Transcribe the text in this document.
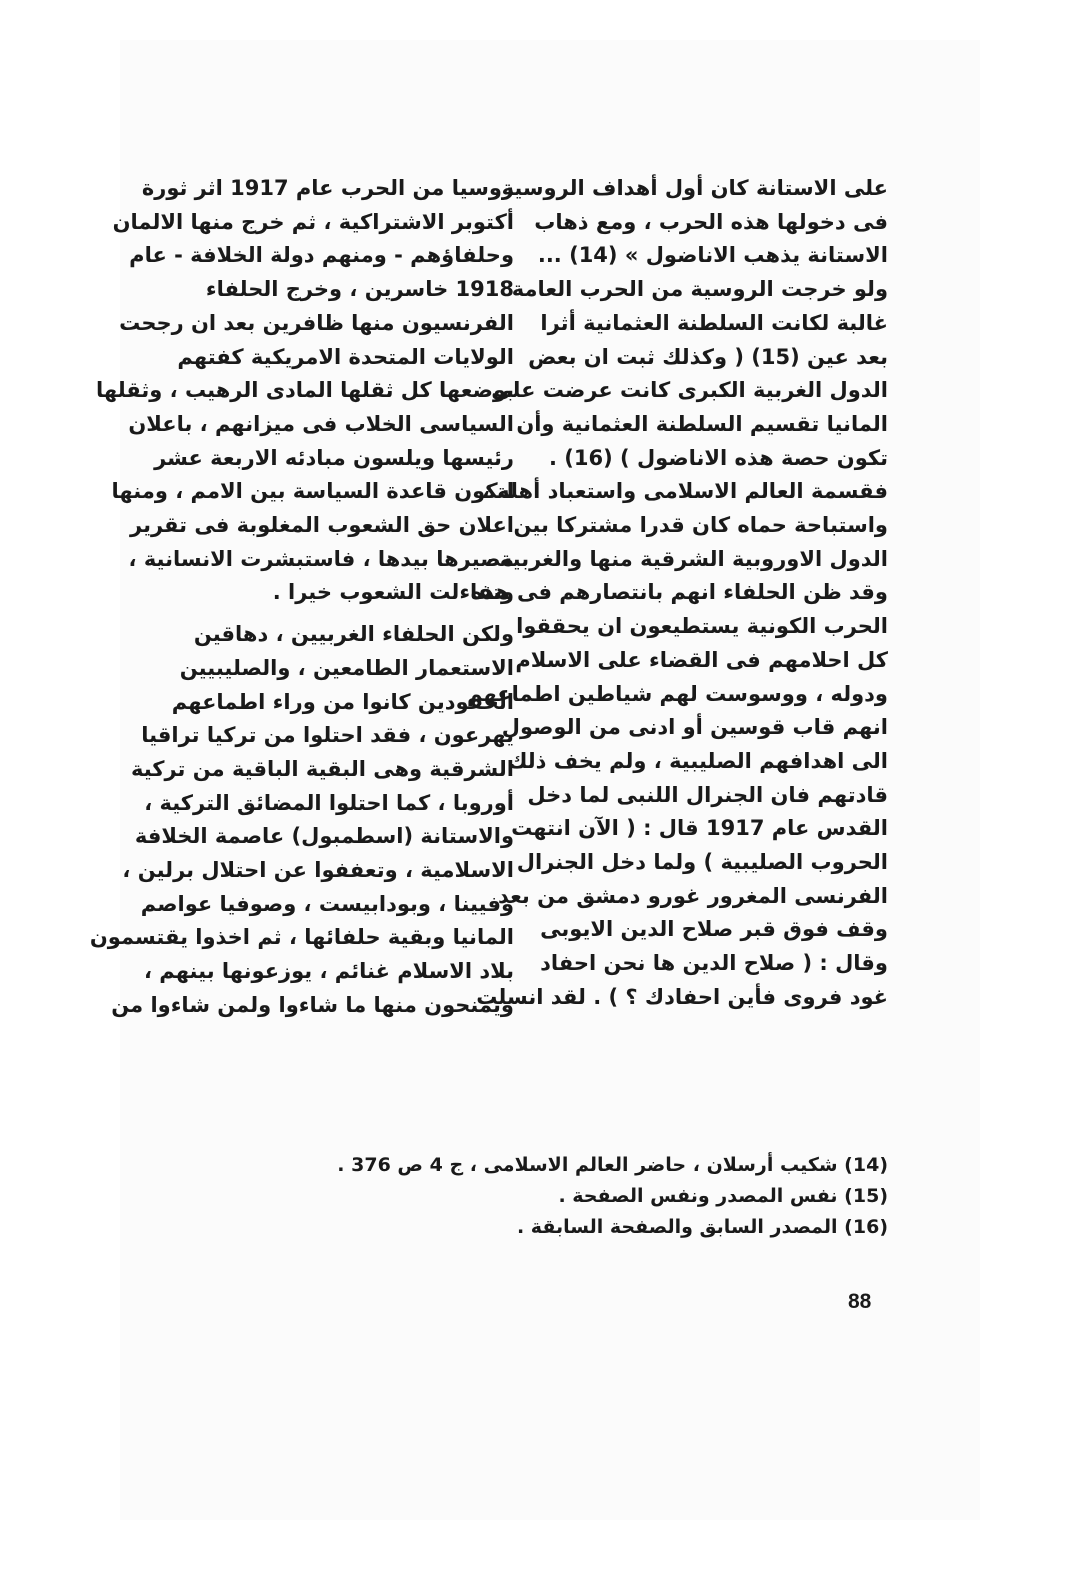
على الاستانة كان أول أهداف الروسية
فى دخولها هذه الحرب ، ومع ذهاب
الاستانة يذهب الاناضول » (14) ...
ولو خرجت الروسية من الحرب العامة
غالبة لكانت السلطنة العثمانية أثرا
بعد عين (15) ( وكذلك ثبت ان بعض
الدول الغربية الكبرى كانت عرضت على
المانيا تقسيم السلطنة العثمانية وأن
تكون حصة هذه الاناضول ) (16) .
فقسمة العالم الاسلامى واستعباد أهله ،
واستباحة حماه كان قدرا مشتركا بين
الدول الاوروبية الشرقية منها والغربية ،
وقد ظن الحلفاء انهم بانتصارهم فى هذه
الحرب الكونية يستطيعون ان يحققوا
كل احلامهم فى القضاء على الاسلام
ودوله ، ووسوست لهم شياطين اطماعهم
انهم قاب قوسين أو ادنى من الوصول
الى اهدافهم الصليبية ، ولم يخف ذلك
قادتهم فان الجنرال اللنبى لما دخل
القدس عام 1917 قال : ( الآن انتهت
الحروب الصليبية ) ولما دخل الجنرال
الفرنسى المغرور غورو دمشق من بعد
وقف فوق قبر صلاح الدين الايوبى
وقال : ( صلاح الدين ها نحن احفاد
غود فروى فأين احفادك ؟ ) . لقد انسلت
روسيا من الحرب عام 1917 اثر ثورة
أكتوبر الاشتراكية ، ثم خرج منها الالمان
وحلفاؤهم - ومنهم دولة الخلافة - عام
1918 خاسرين ، وخرج الحلفاء
الفرنسيون منها ظافرين بعد ان رجحت
الولايات المتحدة الامريكية كفتهم
بوضعها كل ثقلها المادى الرهيب ، وثقلها
السياسى الخلاب فى ميزانهم ، باعلان
رئيسها ويلسون مبادئه الاربعة عشر
لتكون قاعدة السياسة بين الامم ، ومنها
اعلان حق الشعوب المغلوبة فى تقرير
مصيرها بيدها ، فاستبشرت الانسانية ،
وتفاءلت الشعوب خيرا .
ولكن الحلفاء الغربيين ، دهاقين
الاستعمار الطامعين ، والصليبيين
الحقودين كانوا من وراء اطماعهم
يهرعون ، فقد احتلوا من تركيا تراقيا
الشرقية وهى البقية الباقية من تركية
أوروبا ، كما احتلوا المضائق التركية ،
والاستانة (اسطمبول) عاصمة الخلافة
الاسلامية ، وتعففوا عن احتلال برلين ،
وفيينا ، وبودابيست ، وصوفيا عواصم
المانيا وبقية حلفائها ، ثم اخذوا يقتسمون
بلاد الاسلام غنائم ، يوزعونها بينهم ،
ويمنحون منها ما شاءوا ولمن شاءوا من
(14) شكيب أرسلان ، حاضر العالم الاسلامى ، ج 4 ص 376 .
(15) نفس المصدر ونفس الصفحة .
(16) المصدر السابق والصفحة السابقة .
88
